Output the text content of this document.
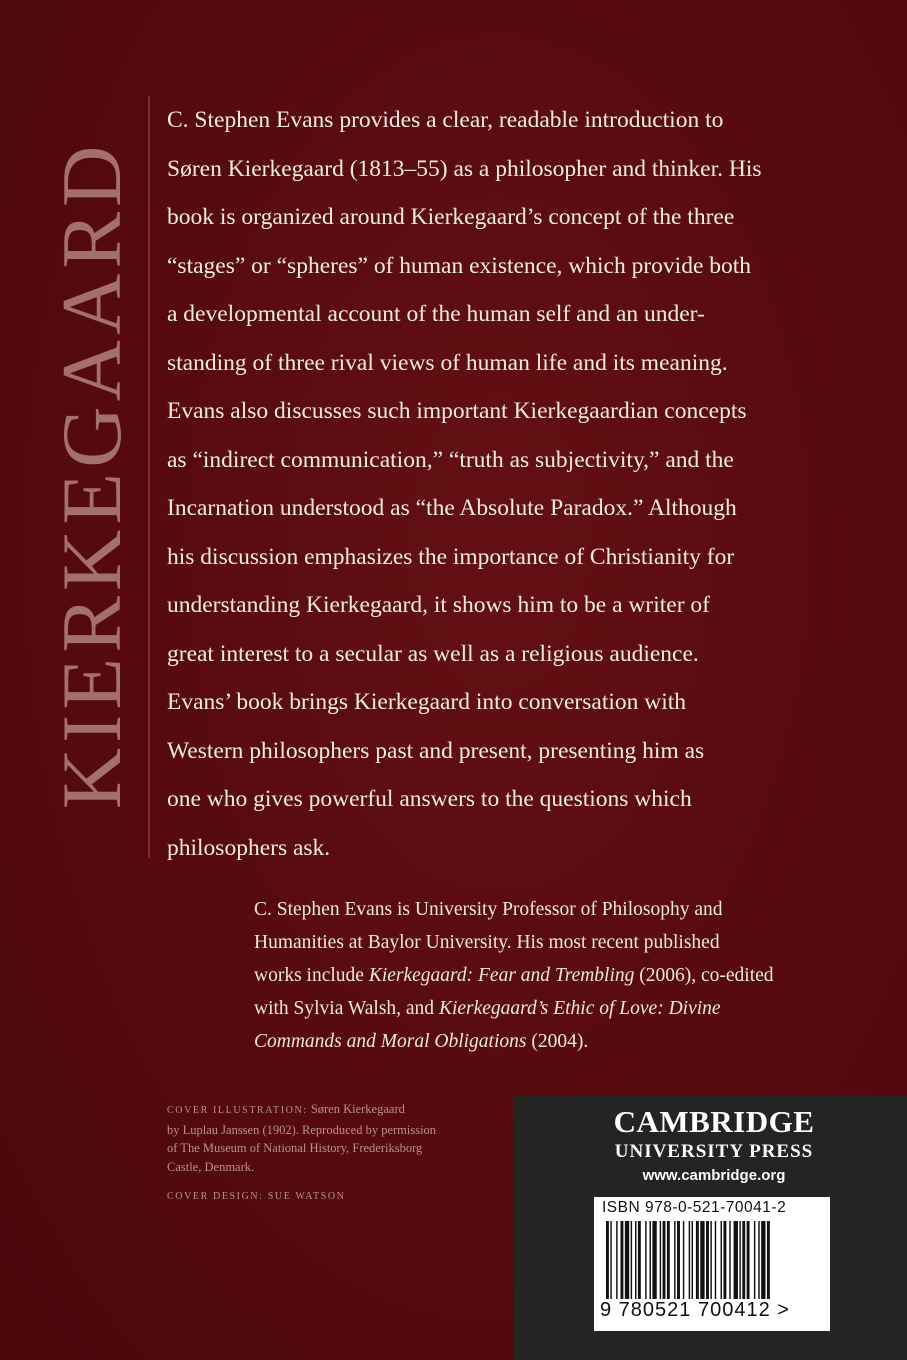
KIERKEGAARD

C. Stephen Evans provides a clear, readable introduction to

Søren Kierkegaard (1813–55) as a philosopher and thinker. His

book is organized around Kierkegaard’s concept of the three

“stages” or “spheres” of human existence, which provide both

a developmental account of the human self and an under-

standing of three rival views of human life and its meaning.

Evans also discusses such important Kierkegaardian concepts

as “indirect communication,” “truth as subjectivity,” and the

Incarnation understood as “the Absolute Paradox.” Although

his discussion emphasizes the importance of Christianity for

understanding Kierkegaard, it shows him to be a writer of

great interest to a secular as well as a religious audience.

Evans’ book brings Kierkegaard into conversation with

Western philosophers past and present, presenting him as

one who gives powerful answers to the questions which

philosophers ask.

C. Stephen Evans is University Professor of Philosophy and

Humanities at Baylor University. His most recent published

works include Kierkegaard: Fear and Trembling (2006), co-edited

with Sylvia Walsh, and Kierkegaard’s Ethic of Love: Divine

Commands and Moral Obligations (2004).

COVER ILLUSTRATION: Søren Kierkegaard

by Luplau Janssen (1902). Reproduced by permission

of The Museum of National History, Frederiksborg

Castle, Denmark.

COVER DESIGN: SUE WATSON

CAMBRIDGE
UNIVERSITY PRESS
www.cambridge.org
ISBN 978-0-521-70041-2
9 780521 700412 >
